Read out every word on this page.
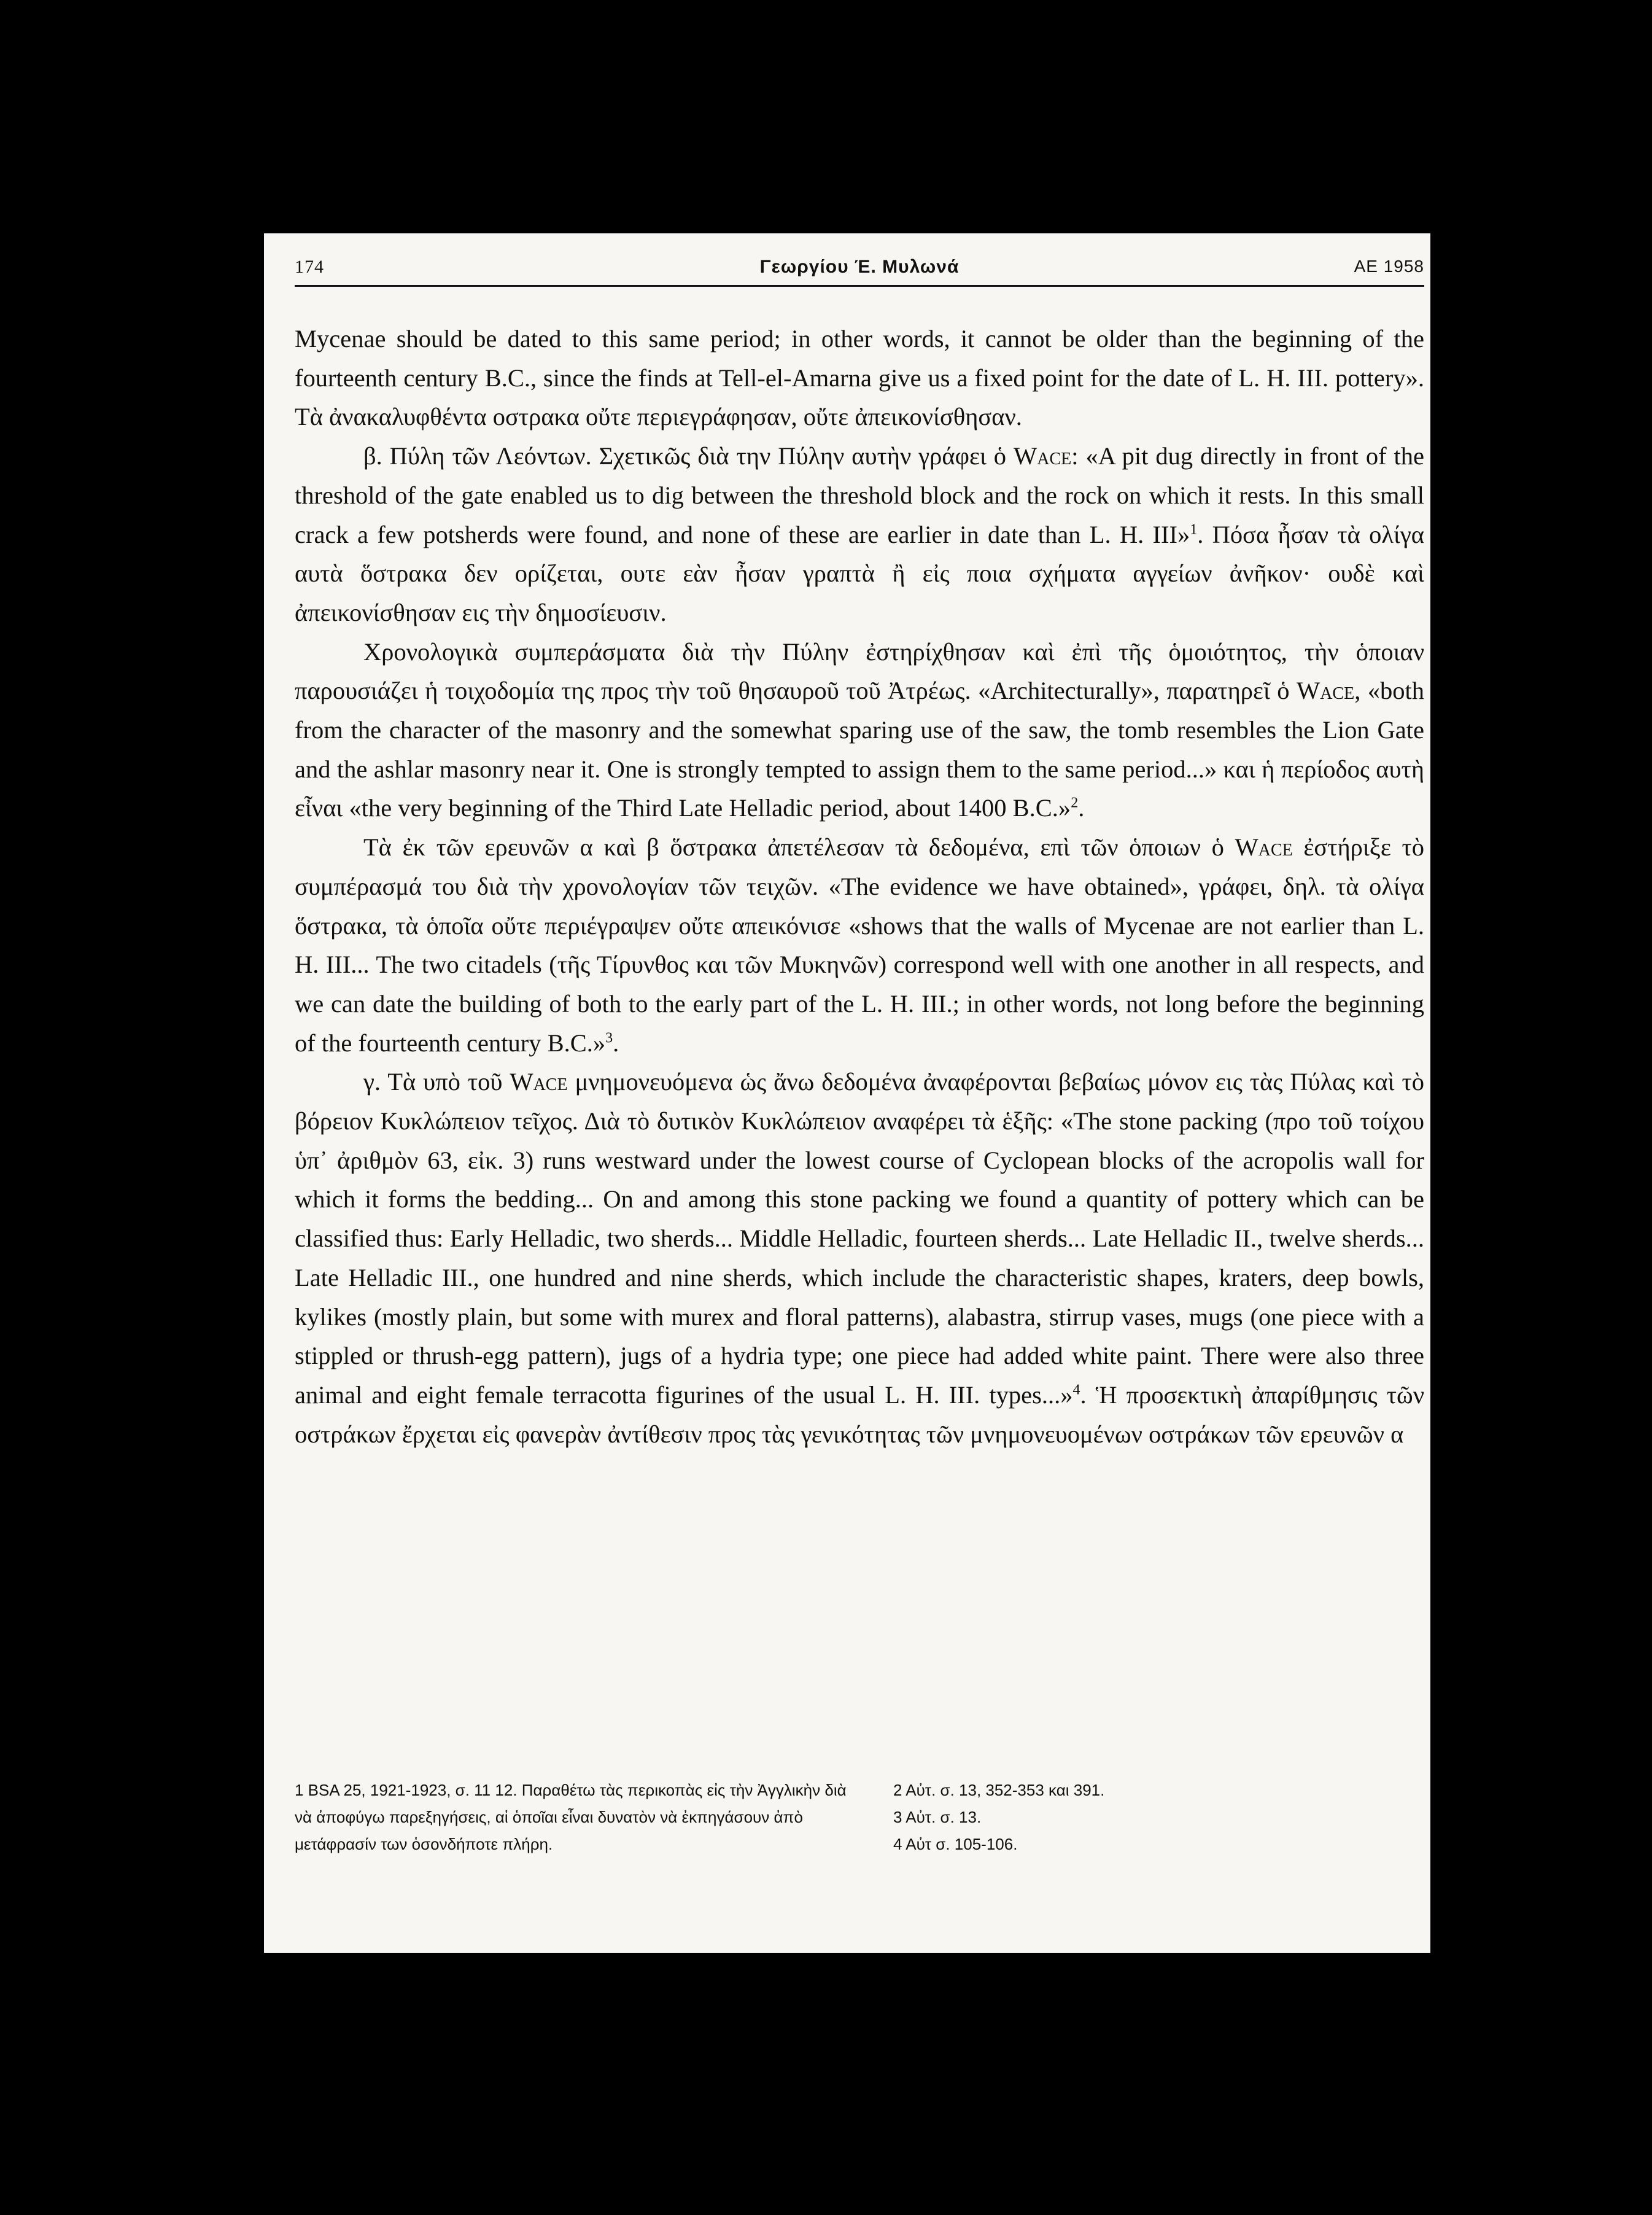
174	Γεωργίου Έ. Μυλωνά	ΑΕ 1958

Mycenae should be dated to this same period; in other words, it cannot be older than the beginning of the fourteenth century B.C., since the finds at Tell-el-Amarna give us a fixed point for the date of L. H. III. pottery». Τὰ ἀνακαλυφθέντα οστρακα οὔτε περιεγράφησαν, οὔτε ἀπεικονίσθησαν.

β. Πύλη τῶν Λεόντων. Σχετικῶς διὰ την Πύλην αυτὴν γράφει ὁ Wace: «A pit dug directly in front of the threshold of the gate enabled us to dig between the threshold block and the rock on which it rests. In this small crack a few potsherds were found, and none of these are earlier in date than L. H. III»$^1$. Πόσα ἦσαν τὰ ολίγα αυτὰ ὅστρακα δεν ορίζεται, ουτε εὰν ἦσαν γραπτὰ ἢ εἰς ποια σχήματα αγγείων ἀνῆκον· ουδὲ καὶ ἀπεικονίσθησαν εις τὴν δημοσίευσιν.

Χρονολογικὰ συμπεράσματα διὰ τὴν Πύλην ἐστηρίχθησαν καὶ ἐπὶ τῆς ὁμοιότητος, τὴν ὁποιαν παρουσιάζει ἡ τοιχοδομία της προς τὴν τοῦ θησαυροῦ τοῦ Ἀτρέως. «Architecturally», παρατηρεῖ ὁ Wace, «both from the character of the masonry and the somewhat sparing use of the saw, the tomb resembles the Lion Gate and the ashlar masonry near it. One is strongly tempted to assign them to the same period...» και ἡ περίοδος αυτὴ εἶναι «the very beginning of the Third Late Helladic period, about 1400 B.C.»$^2$.

Τὰ ἐκ τῶν ερευνῶν α καὶ β ὅστρακα ἀπετέλεσαν τὰ δεδομένα, επὶ τῶν ὁποιων ὁ Wace ἐστήριξε τὸ συμπέρασμά του διὰ τὴν χρονολογίαν τῶν τειχῶν. «The evidence we have obtained», γράφει, δηλ. τὰ ολίγα ὅστρακα, τὰ ὁποῖα οὔτε περιέγραψεν οὔτε απεικόνισε «shows that the walls of Mycenae are not earlier than L. H. III... The two citadels (τῆς Τίρυνθος και τῶν Μυκηνῶν) correspond well with one another in all respects, and we can date the building of both to the early part of the L. H. III.; in other words, not long before the beginning of the fourteenth century B.C.»$^3$.

γ. Τὰ υπὸ τοῦ Wace μνημονευόμενα ὡς ἄνω δεδομένα ἀναφέρονται βεβαίως μόνον εις τὰς Πύλας καὶ τὸ βόρειον Κυκλώπειον τεῖχος. Διὰ τὸ δυτικὸν Κυκλώπειον αναφέρει τὰ ἑξῆς: «The stone packing (προ τοῦ τοίχου ὑπ᾽ ἀριθμὸν 63, εἰκ. 3) runs westward under the lowest course of Cyclopean blocks of the acropolis wall for which it forms the bedding... On and among this stone packing we found a quantity of pottery which can be classified thus: Early Helladic, two sherds... Middle Helladic, fourteen sherds... Late Helladic II., twelve sherds... Late Helladic III., one hundred and nine sherds, which include the characteristic shapes, kraters, deep bowls, kylikes (mostly plain, but some with murex and floral patterns), alabastra, stirrup vases, mugs (one piece with a stippled or thrush-egg pattern), jugs of a hydria type; one piece had added white paint. There were also three animal and eight female terracotta figurines of the usual L. H. III. types...»$^4$. Ἡ προσεκτικὴ ἀπαρίθμησις τῶν οστράκων ἔρχεται εἰς φανερὰν ἀντίθεσιν προς τὰς γενικότητας τῶν μνημονευομένων οστράκων τῶν ερευνῶν α

1 BSA 25, 1921-1923, σ. 11 12. Παραθέτω τὰς περικοπὰς εἰς τὴν Ἀγγλικὴν διὰ νὰ ἀποφύγω παρεξηγήσεις, αἱ ὁποῖαι εἶναι δυνατὸν νὰ ἐκπηγάσουν ἀπὸ μετάφρασίν των ὁσονδήποτε πλήρη.

2 Αὐτ. σ. 13, 352-353 και 391.

3 Αὐτ. σ. 13.

4 Αὐτ σ. 105-106.
